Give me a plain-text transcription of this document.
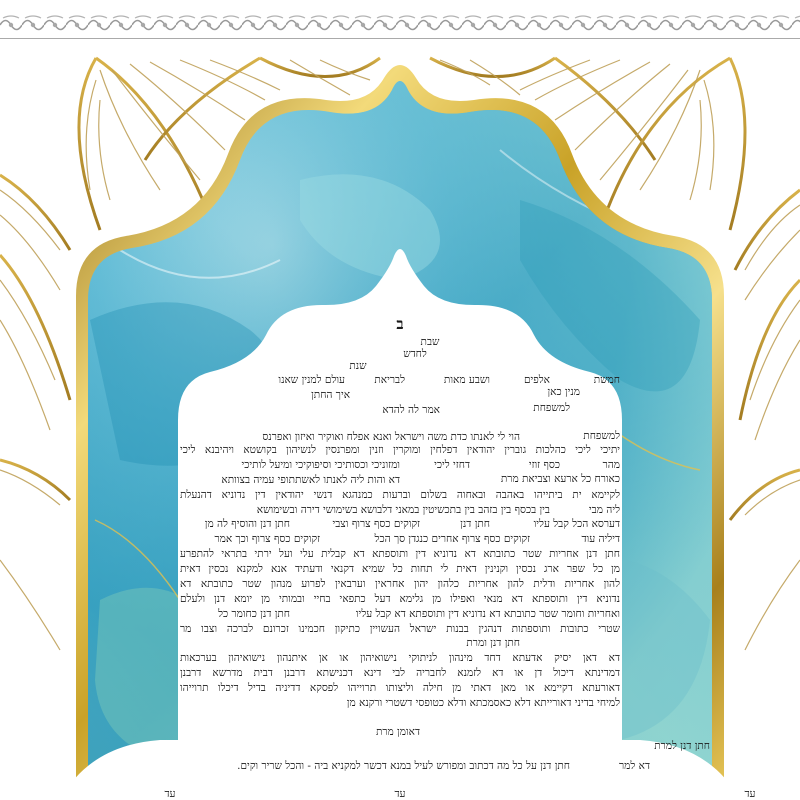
ב
שבת
לחדש
שנת
חמשת
אלפים
ושבע מאות
לבריאת
עולם למנין שאנו
מנין כאן
איך החתן
למשפחת
אמר לה להדא
למשפחת
הוי לי לאנתו כדת משה וישראל ואנא אפלח ואוקיר ואיזון ואפרנס
יתיכי ליכי כהלכות גוברין יהודאין דפלחין ומוקרין וזנין ומפרנסין לנשיהון בקושטא ויהיבנא ליכי
מהר
כסף זוזי
דחזי ליכי
ומזוניכי וכסותיכי וסיפוקיכי ומיעל לותיכי
כאורח כל ארעא וצביאת מרת
דא והות ליה לאנתו לאשתתופי עמיה בצוותא
לקיימא ית ביתייהו באהבה ובאחוה בשלום וברעות כמנהגא דנשי יהודאין דין נדוניא דהנעלת
ליה מבי
בין בכסף בין בזהב בין בתכשיטין במאני דלבושא בשימושי דירה ובשימושא
דערסא הכל קבל עליו
חתן דנן
זקוקים כסף צרוף וצבי
חתן דנן והוסיף לה מן
דיליה עוד
זקוקים כסף צרוף אחרים כנגדן סך הכל
זקוקים כסף צרוף וכך אמר
חתן דנן אחריות שטר כתובתא דא נדוניא דין ותוספתא דא קבלית עלי ועל ירתי בתראי להתפרע
מן כל שפר ארג נכסין וקנינין דאית לי תחות כל שמיא דקנאי ודעתיד אנא למקנא נכסין דאית
להון אחריות ודלית להון אחריות כלהון יהון אחראין וערבאין לפרוע מנהון שטר כתובתא דא
נדוניא דין ותוספתא דא מנאי ואפילו מן גלימא דעל כתפאי בחיי ובמותי מן יומא דנן ולעלם
ואחריות וחומר שטר כתובתא דא נדוניא דין ותוספתא דא קבל עליו
חתן דנן כחומר כל
שטרי כתובות ותוספתות דנהגין בבנות ישראל העשויין כתיקון חכמינו זכרונם לברכה וצבו מר
חתן דנן ומרת
דא דאן יסיק אדעתא דחד מינהון לניתוקי נישואיהון או אן איתנהון נישואיהון בערכאות
דמדינתא דיכול דן או דא לזמנא לחבריה לבי דינא דכנישתא דרבנן דבית מדרשא דרבנן
דאורעתא דקיימא או מאן דאתי מן חילה וליצותו תרוייהו לפסקא דדיניה בדיל דיכלו תרוייהו
למיחי בדיני דאורייתא דלא כאסמכתא ודלא כטופסי דשטרי ורקנא מן
חתן דנן למרת
דאומן מרת
דא למר
חתן דנן על כל מה דכתוב ומפורש לעיל במנא דכשר למקניא ביה - והכל שריר וקים.
עד	עד	עד
